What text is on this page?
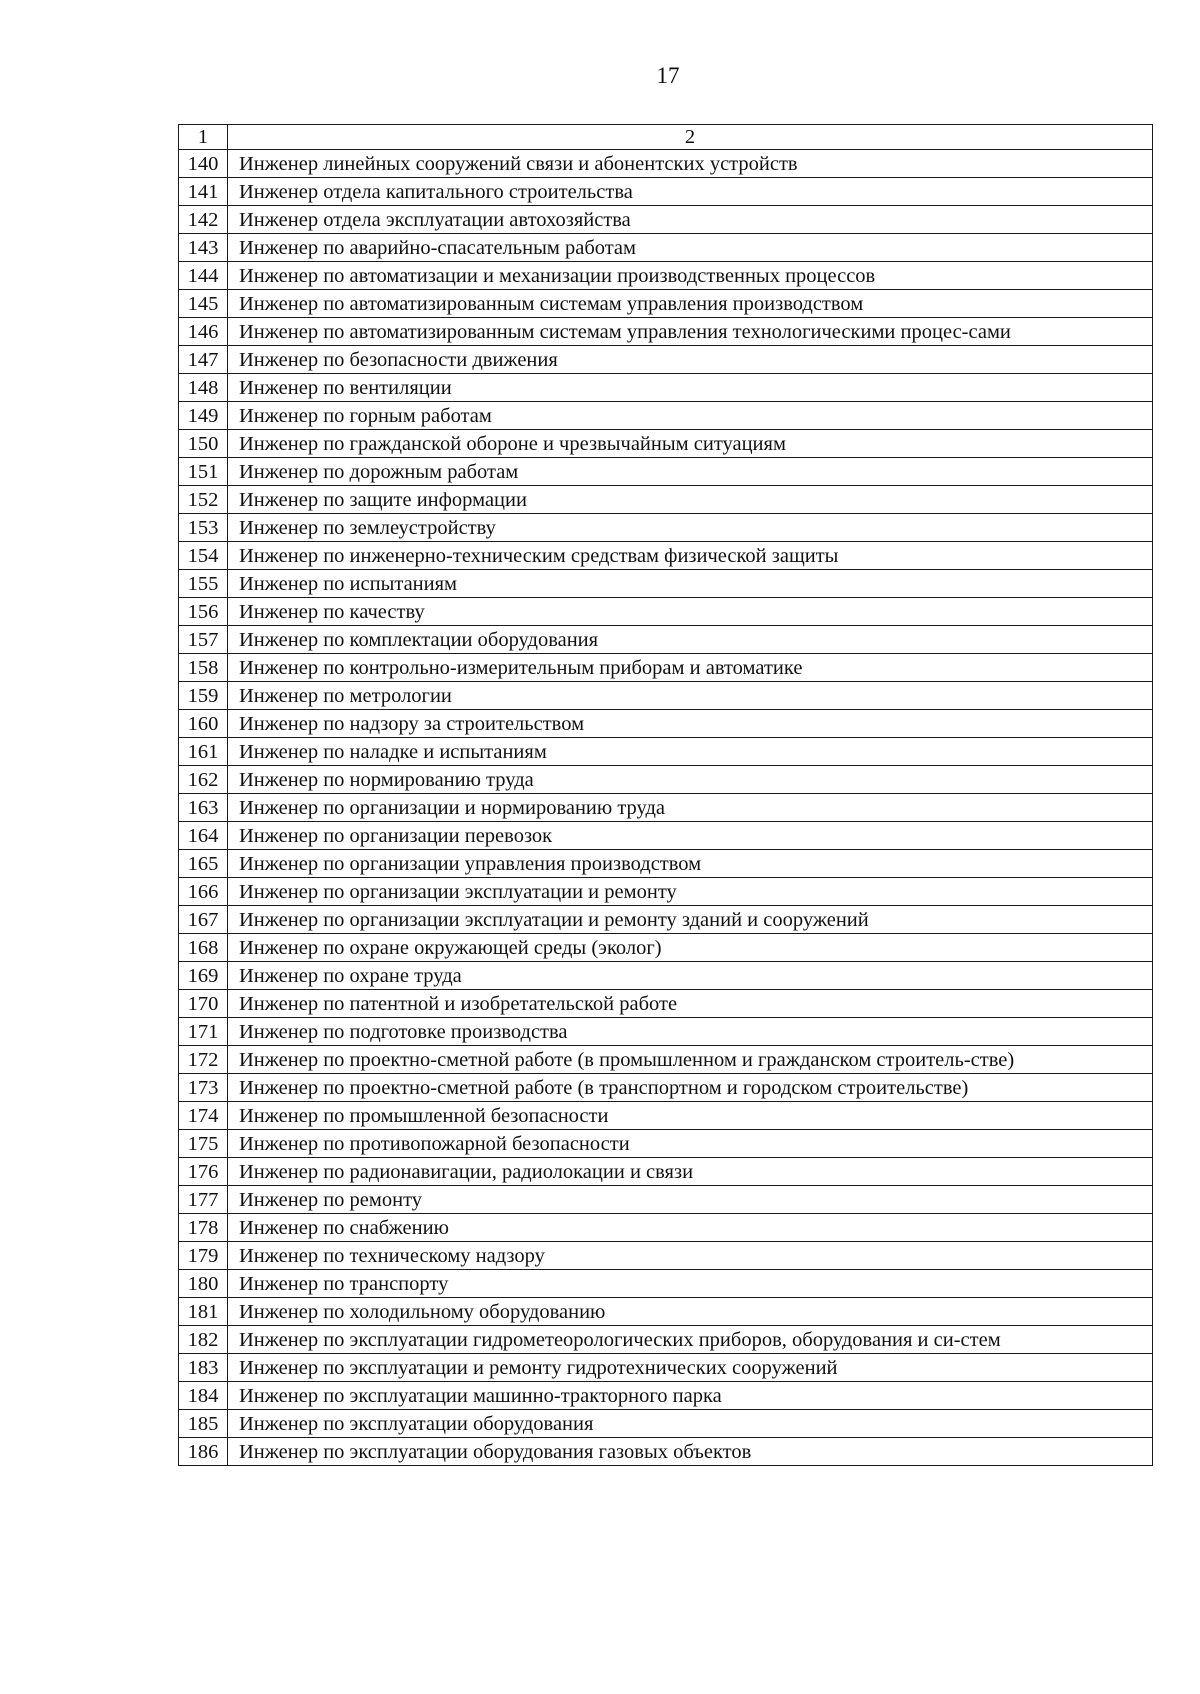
17
1	2
140	Инженер линейных сооружений связи и абонентских устройств
141	Инженер отдела капитального строительства
142	Инженер отдела эксплуатации автохозяйства
143	Инженер по аварийно-спасательным работам
144	Инженер по автоматизации и механизации производственных процессов
145	Инженер по автоматизированным системам управления производством
146	Инженер по автоматизированным системам управления технологическими процес-сами
147	Инженер по безопасности движения
148	Инженер по вентиляции
149	Инженер по горным работам
150	Инженер по гражданской обороне и чрезвычайным ситуациям
151	Инженер по дорожным работам
152	Инженер по защите информации
153	Инженер по землеустройству
154	Инженер по инженерно-техническим средствам физической защиты
155	Инженер по испытаниям
156	Инженер по качеству
157	Инженер по комплектации оборудования
158	Инженер по контрольно-измерительным приборам и автоматике
159	Инженер по метрологии
160	Инженер по надзору за строительством
161	Инженер по наладке и испытаниям
162	Инженер по нормированию труда
163	Инженер по организации и нормированию труда
164	Инженер по организации перевозок
165	Инженер по организации управления производством
166	Инженер по организации эксплуатации и ремонту
167	Инженер по организации эксплуатации и ремонту зданий и сооружений
168	Инженер по охране окружающей среды (эколог)
169	Инженер по охране труда
170	Инженер по патентной и изобретательской работе
171	Инженер по подготовке производства
172	Инженер по проектно-сметной работе (в промышленном и гражданском строитель-стве)
173	Инженер по проектно-сметной работе (в транспортном и городском строительстве)
174	Инженер по промышленной безопасности
175	Инженер по противопожарной безопасности
176	Инженер по радионавигации, радиолокации и связи
177	Инженер по ремонту
178	Инженер по снабжению
179	Инженер по техническому надзору
180	Инженер по транспорту
181	Инженер по холодильному оборудованию
182	Инженер по эксплуатации гидрометеорологических приборов, оборудования и си-стем
183	Инженер по эксплуатации и ремонту гидротехнических сооружений
184	Инженер по эксплуатации машинно-тракторного парка
185	Инженер по эксплуатации оборудования
186	Инженер по эксплуатации оборудования газовых объектов
